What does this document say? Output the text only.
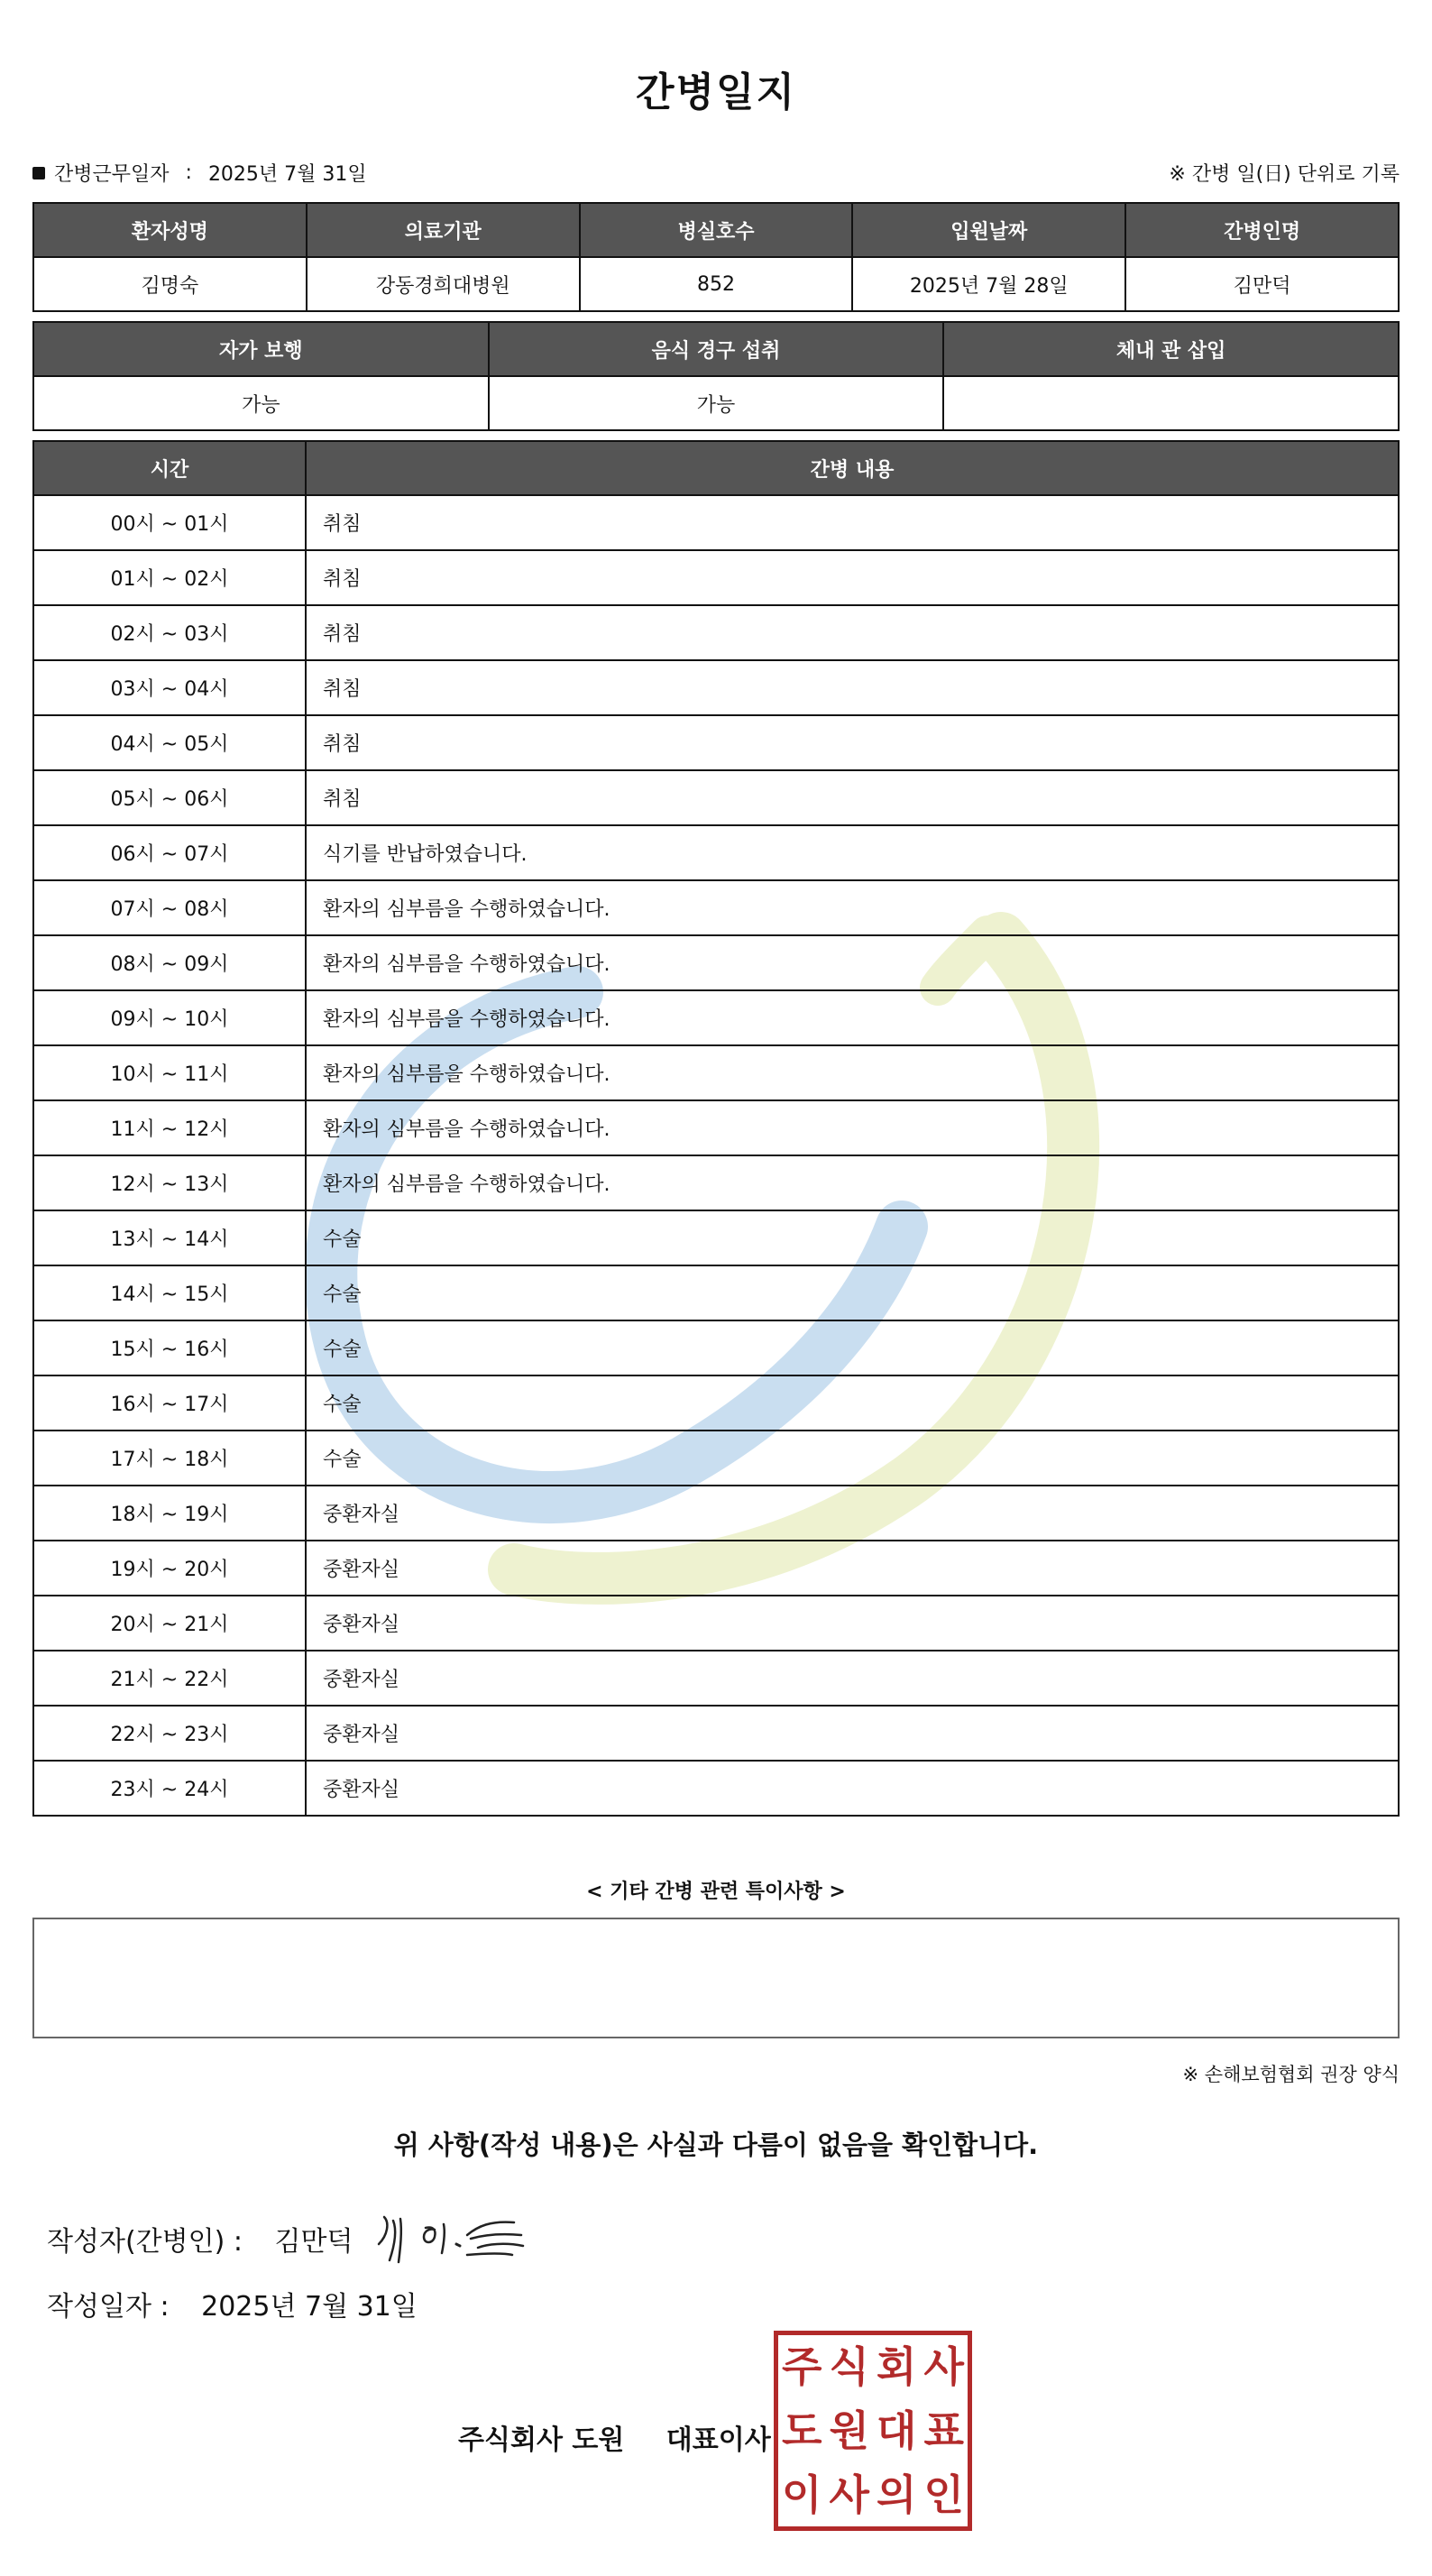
간병일지
간병근무일자 : 2025년 7월 31일	※ 간병 일(日) 단위로 기록
환자성명	의료기관	병실호수	입원날짜	간병인명
김명숙	강동경희대병원	852	2025년 7월 28일	김만덕
자가 보행	음식 경구 섭취	체내 관 삽입
가능	가능	
시간	간병 내용
00시 ~ 01시	취침
01시 ~ 02시	취침
02시 ~ 03시	취침
03시 ~ 04시	취침
04시 ~ 05시	취침
05시 ~ 06시	취침
06시 ~ 07시	식기를 반납하였습니다.
07시 ~ 08시	환자의 심부름을 수행하였습니다.
08시 ~ 09시	환자의 심부름을 수행하였습니다.
09시 ~ 10시	환자의 심부름을 수행하였습니다.
10시 ~ 11시	환자의 심부름을 수행하였습니다.
11시 ~ 12시	환자의 심부름을 수행하였습니다.
12시 ~ 13시	환자의 심부름을 수행하였습니다.
13시 ~ 14시	수술
14시 ~ 15시	수술
15시 ~ 16시	수술
16시 ~ 17시	수술
17시 ~ 18시	수술
18시 ~ 19시	중환자실
19시 ~ 20시	중환자실
20시 ~ 21시	중환자실
21시 ~ 22시	중환자실
22시 ~ 23시	중환자실
23시 ~ 24시	중환자실
< 기타 간병 관련 특이사항 >
※ 손해보험협회 권장 양식
위 사항(작성 내용)은 사실과 다름이 없음을 확인합니다.
작성자(간병인) : 김만덕
작성일자 : 2025년 7월 31일
주식회사 도원 대표이사
주 식 회 사
도 원 대 표
이 사 의 인
